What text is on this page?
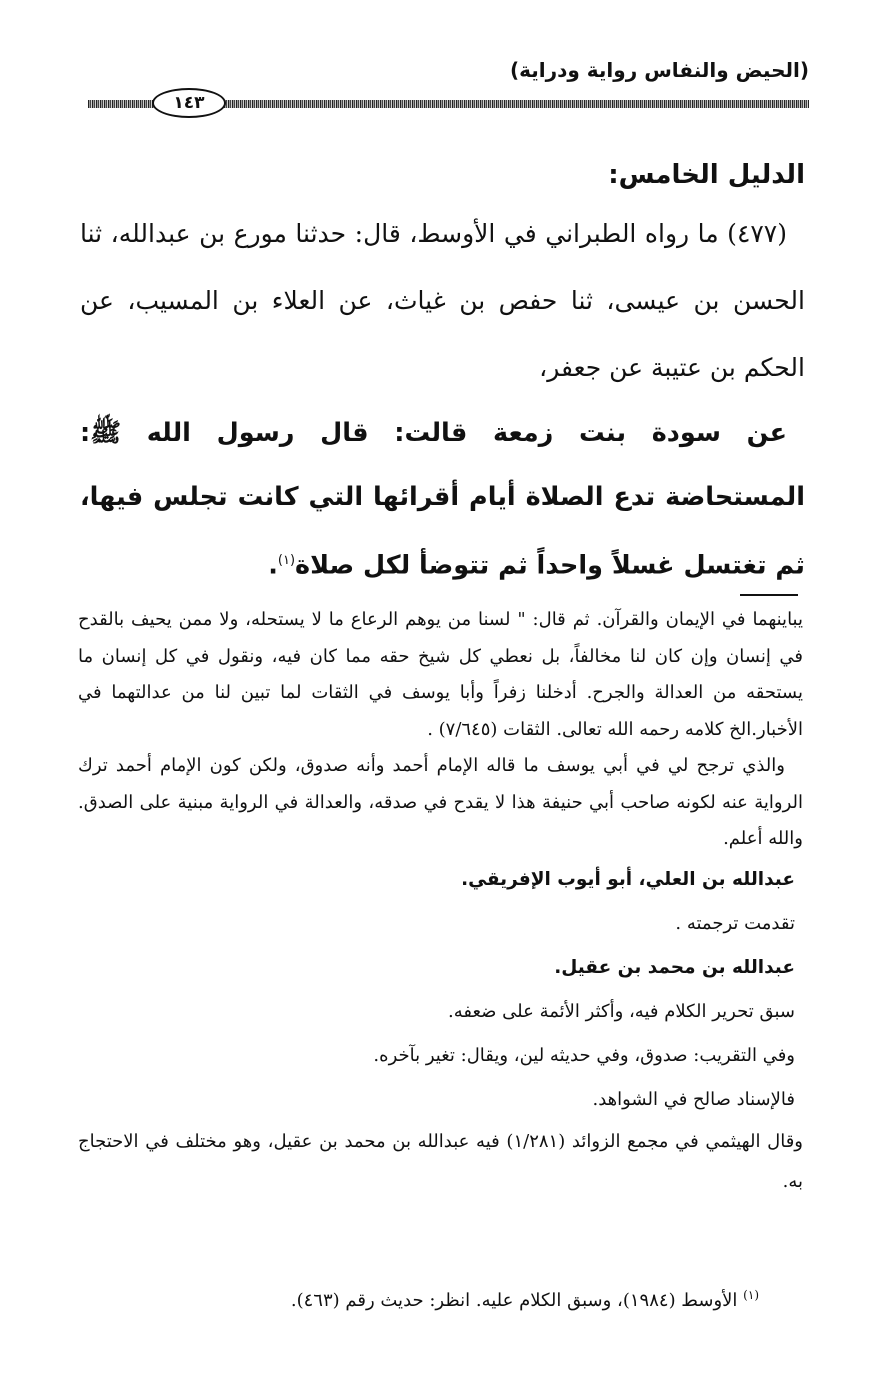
(الحيض والنفاس رواية ودراية)
١٤٣

الدليل الخامس:

(٤٧٧) ما رواه الطبراني في الأوسط، قال: حدثنا مورع بن عبدالله، ثنا الحسن بن عيسى، ثنا حفص بن غياث، عن العلاء بن المسيب، عن الحكم بن عتيبة عن جعفر،

عن سودة بنت زمعة قالت: قال رسول الله ﷺ: المستحاضة تدع الصلاة أيام أقرائها التي كانت تجلس فيها، ثم تغتسل غسلاً واحداً ثم تتوضأ لكل صلاة$^{(١)}$.

يباينهما في الإيمان والقرآن. ثم قال: " لسنا من يوهم الرعاع ما لا يستحله، ولا ممن يحيف بالقدح في إنسان وإن كان لنا مخالفاً، بل نعطي كل شيخ حقه مما كان فيه، ونقول في كل إنسان ما يستحقه من العدالة والجرح. أدخلنا زفراً وأبا يوسف في الثقات لما تبين لنا من عدالتهما في الأخبار.الخ كلامه رحمه الله تعالى. الثقات (٧/٦٤٥) .

والذي ترجح لي في أبي يوسف ما قاله الإمام أحمد وأنه صدوق، ولكن كون الإمام أحمد ترك الرواية عنه لكونه صاحب أبي حنيفة هذا لا يقدح في صدقه، والعدالة في الرواية مبنية على الصدق. والله أعلم.

عبدالله بن العلي، أبو أيوب الإفريقي.

تقدمت ترجمته .

عبدالله بن محمد بن عقيل.

سبق تحرير الكلام فيه، وأكثر الأئمة على ضعفه.

وفي التقريب: صدوق، وفي حديثه لين، ويقال: تغير بآخره.

فالإسناد صالح في الشواهد.

وقال الهيثمي في مجمع الزوائد (١/٢٨١) فيه عبدالله بن محمد بن عقيل، وهو مختلف في الاحتجاج به.

$^{(١)}$ الأوسط (١٩٨٤)، وسبق الكلام عليه. انظر: حديث رقم (٤٦٣).
